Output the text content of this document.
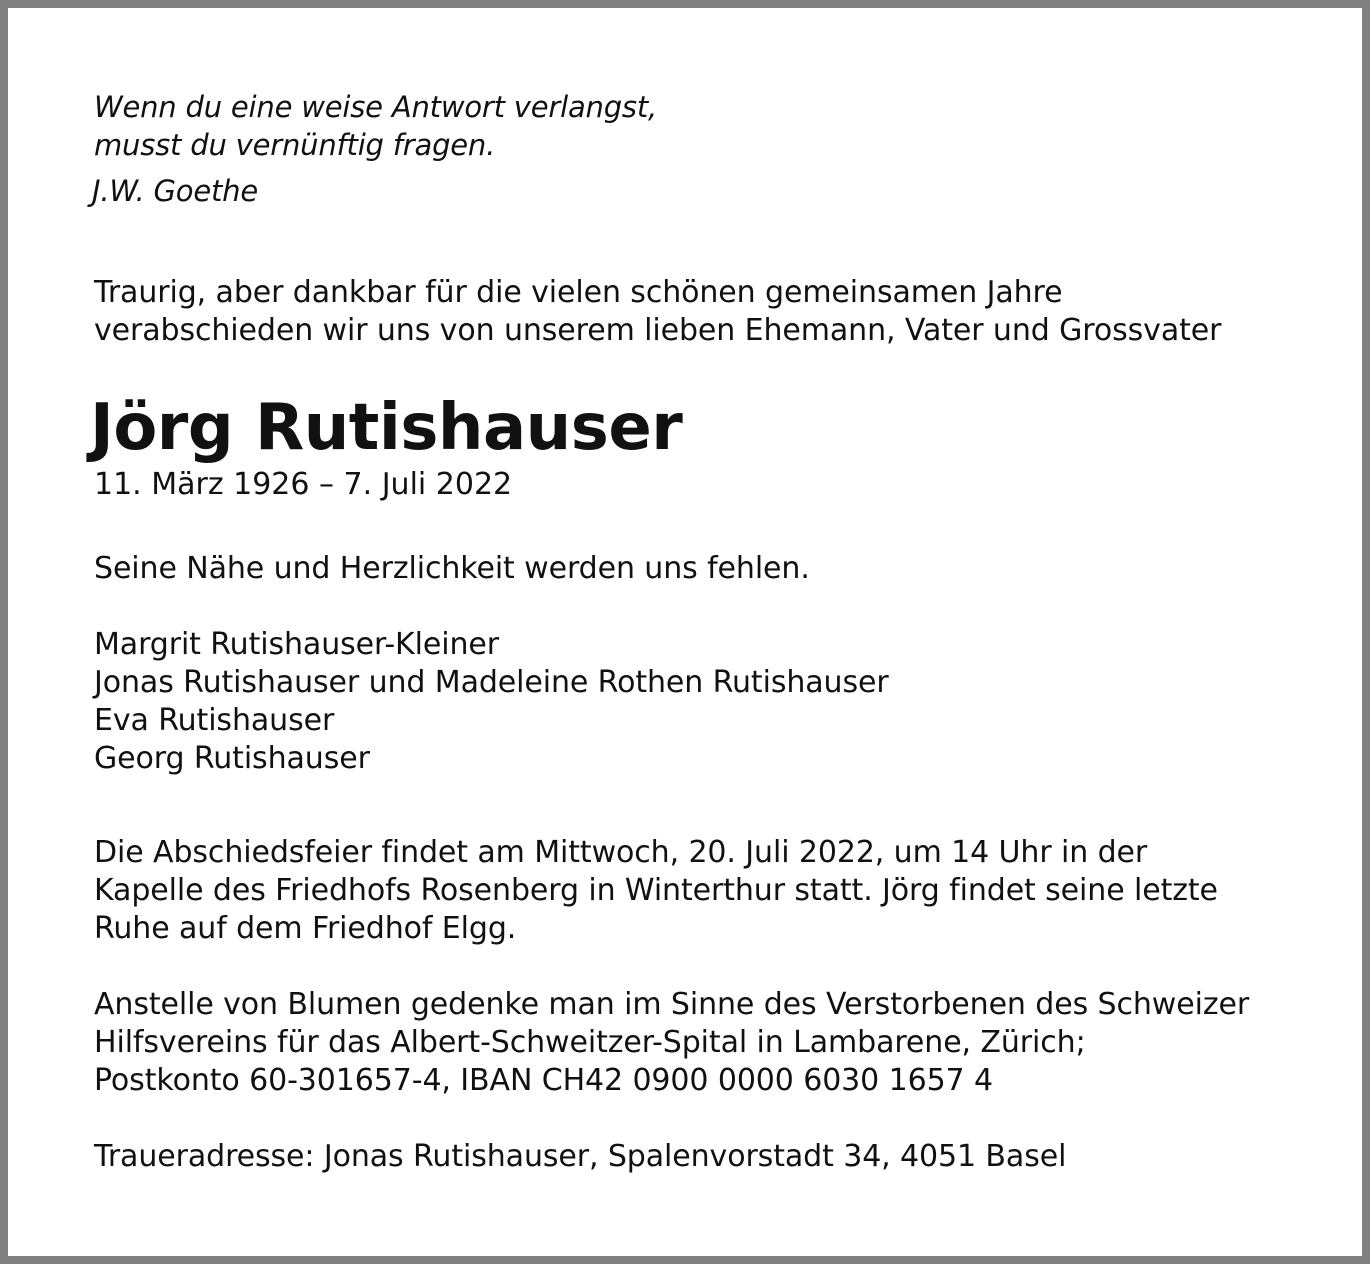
Wenn du eine weise Antwort verlangst,
musst du vernünftig fragen.
J.W. Goethe
Traurig, aber dankbar für die vielen schönen gemeinsamen Jahre
verabschieden wir uns von unserem lieben Ehemann, Vater und Grossvater
Jörg Rutishauser
11. März 1926 – 7. Juli 2022
Seine Nähe und Herzlichkeit werden uns fehlen.
Margrit Rutishauser-Kleiner
Jonas Rutishauser und Madeleine Rothen Rutishauser
Eva Rutishauser
Georg Rutishauser
Die Abschiedsfeier findet am Mittwoch, 20. Juli 2022, um 14 Uhr in der
Kapelle des Friedhofs Rosenberg in Winterthur statt. Jörg findet seine letzte
Ruhe auf dem Friedhof Elgg.
Anstelle von Blumen gedenke man im Sinne des Verstorbenen des Schweizer
Hilfsvereins für das Albert-Schweitzer-Spital in Lambarene, Zürich;
Postkonto 60-301657-4, IBAN CH42 0900 0000 6030 1657 4
Traueradresse: Jonas Rutishauser, Spalenvorstadt 34, 4051 Basel
